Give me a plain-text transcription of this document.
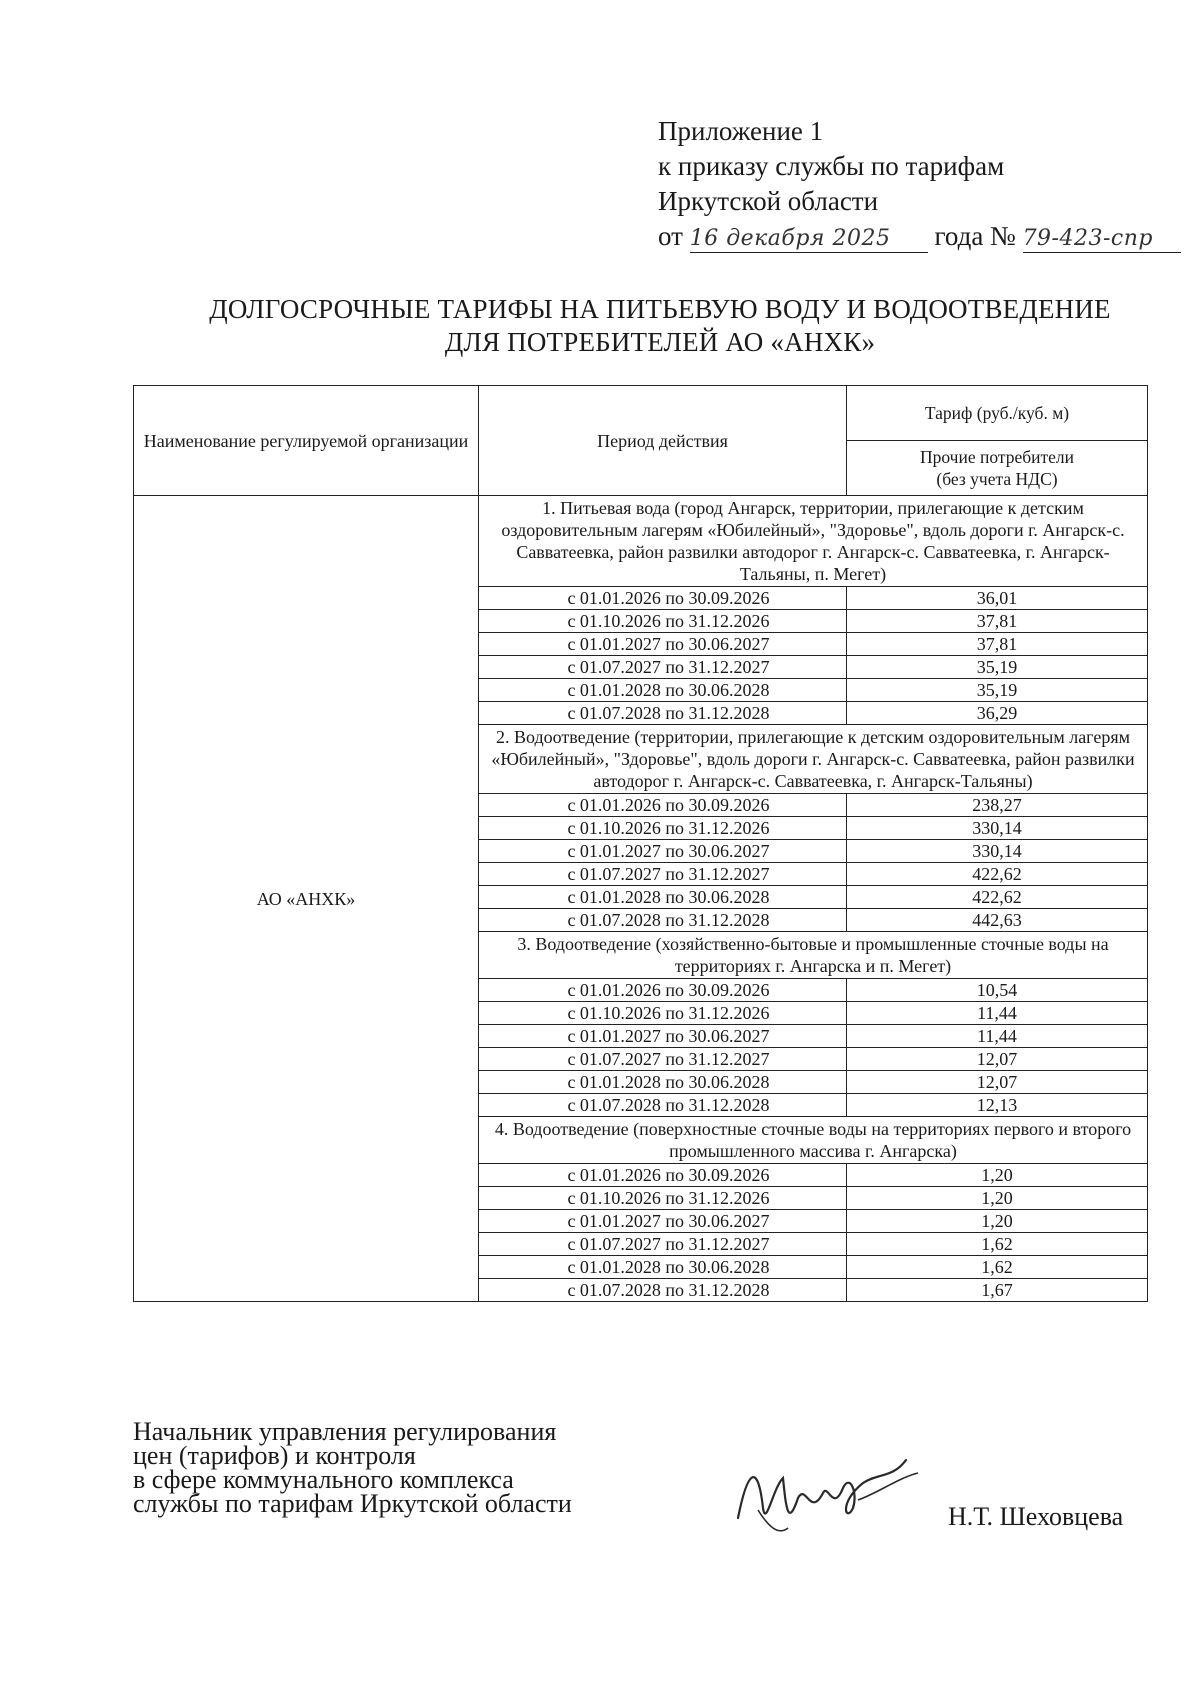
Приложение 1
к приказу службы по тарифам
Иркутской области
от 16 декабря 2025 года № 79-423-спр
ДОЛГОСРОЧНЫЕ ТАРИФЫ НА ПИТЬЕВУЮ ВОДУ И ВОДООТВЕДЕНИЕ
ДЛЯ ПОТРЕБИТЕЛЕЙ АО «АНХК»
Наименование регулируемой организации	Период действия	Тариф (руб./куб. м)

		Прочие потребители
(без учета НДС)

АО «АНХК»	1. Питьевая вода (город Ангарск, территории, прилегающие к детским оздоровительным лагерям «Юбилейный», "Здоровье", вдоль дороги г. Ангарск-с. Савватеевка, район развилки автодорог г. Ангарск-с. Савватеевка, г. Ангарск-Тальяны, п. Мегет)	
	с 01.01.2026 по 30.09.2026	36,01
	с 01.10.2026 по 31.12.2026	37,81
	с 01.01.2027 по 30.06.2027	37,81
	с 01.07.2027 по 31.12.2027	35,19
	с 01.01.2028 по 30.06.2028	35,19
	с 01.07.2028 по 31.12.2028	36,29
	2. Водоотведение (территории, прилегающие к детским оздоровительным лагерям «Юбилейный», "Здоровье", вдоль дороги г. Ангарск-с. Савватеевка, район развилки автодорог г. Ангарск-с. Савватеевка, г. Ангарск-Тальяны)	
	с 01.01.2026 по 30.09.2026	238,27
	с 01.10.2026 по 31.12.2026	330,14
	с 01.01.2027 по 30.06.2027	330,14
	с 01.07.2027 по 31.12.2027	422,62
	с 01.01.2028 по 30.06.2028	422,62
	с 01.07.2028 по 31.12.2028	442,63
	3. Водоотведение (хозяйственно-бытовые и промышленные сточные воды на территориях г. Ангарска и п. Мегет)	
	с 01.01.2026 по 30.09.2026	10,54
	с 01.10.2026 по 31.12.2026	11,44
	с 01.01.2027 по 30.06.2027	11,44
	с 01.07.2027 по 31.12.2027	12,07
	с 01.01.2028 по 30.06.2028	12,07
	с 01.07.2028 по 31.12.2028	12,13
	4. Водоотведение (поверхностные сточные воды на территориях первого и второго промышленного массива г. Ангарска)	
	с 01.01.2026 по 30.09.2026	1,20
	с 01.10.2026 по 31.12.2026	1,20
	с 01.01.2027 по 30.06.2027	1,20
	с 01.07.2027 по 31.12.2027	1,62
	с 01.01.2028 по 30.06.2028	1,62
	с 01.07.2028 по 31.12.2028	1,67
Начальник управления регулирования
цен (тарифов) и контроля
в сфере коммунального комплекса
службы по тарифам Иркутской области	Н.Т. Шеховцева
